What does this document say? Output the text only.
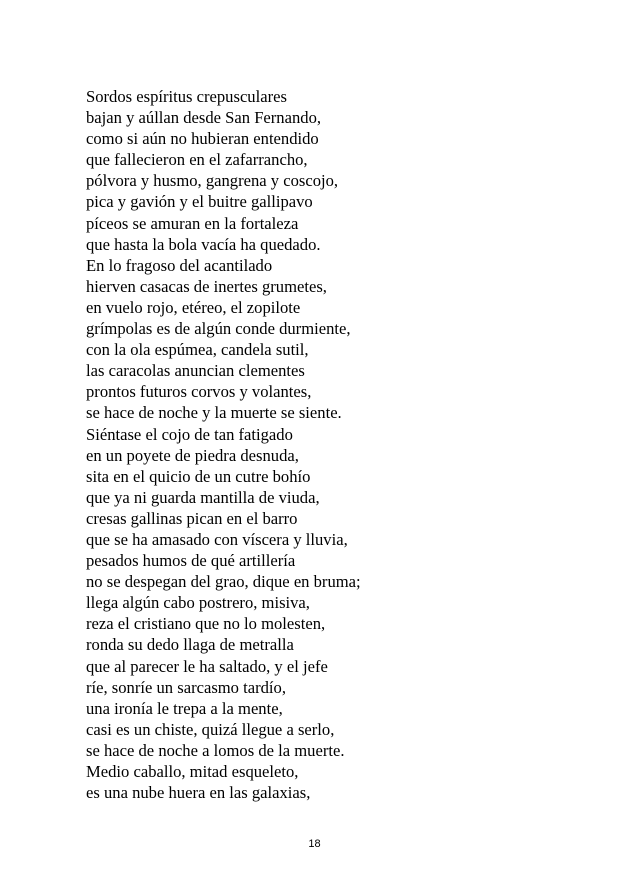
Sordos espíritus crepusculares
bajan y aúllan desde San Fernando,
como si aún no hubieran entendido
que fallecieron en el zafarrancho,
pólvora y husmo, gangrena y coscojo,
pica y gavión y el buitre gallipavo
píceos se amuran en la fortaleza
que hasta la bola vacía ha quedado.
En lo fragoso del acantilado
hierven casacas de inertes grumetes,
en vuelo rojo, etéreo, el zopilote
grímpolas es de algún conde durmiente,
con la ola espúmea, candela sutil,
las caracolas anuncian clementes
prontos futuros corvos y volantes,
se hace de noche y la muerte se siente.
Siéntase el cojo de tan fatigado
en un poyete de piedra desnuda,
sita en el quicio de un cutre bohío
que ya ni guarda mantilla de viuda,
cresas gallinas pican en el barro
que se ha amasado con víscera y lluvia,
pesados humos de qué artillería
no se despegan del grao, dique en bruma;
llega algún cabo postrero, misiva,
reza el cristiano que no lo molesten,
ronda su dedo llaga de metralla
que al parecer le ha saltado, y el jefe
ríe, sonríe un sarcasmo tardío,
una ironía le trepa a la mente,
casi es un chiste, quizá llegue a serlo,
se hace de noche a lomos de la muerte.
Medio caballo, mitad esqueleto,
es una nube huera en las galaxias,
18
